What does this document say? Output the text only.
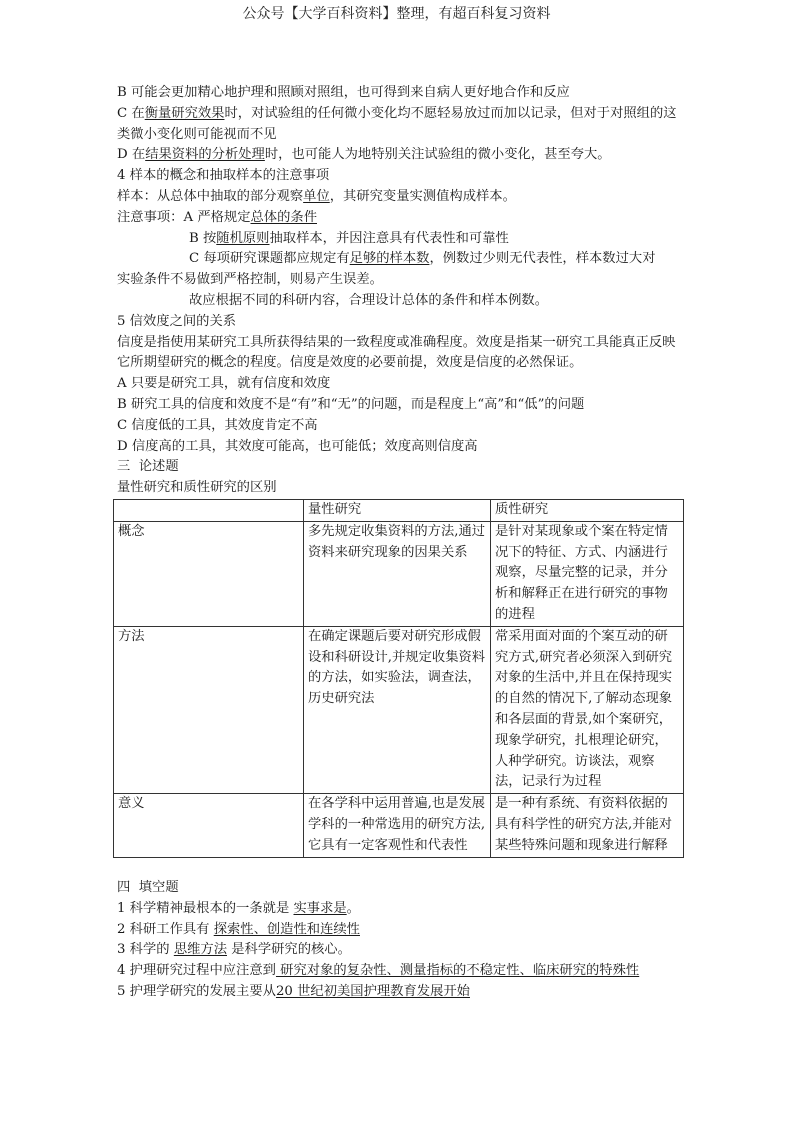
公众号【大学百科资料】整理，有超百科复习资料
B 可能会更加精心地护理和照顾对照组，也可得到来自病人更好地合作和反应
C 在衡量研究效果时，对试验组的任何微小变化均不愿轻易放过而加以记录，但对于对照组的这类微小变化则可能视而不见
D 在结果资料的分析处理时，也可能人为地特别关注试验组的微小变化，甚至夸大。
4 样本的概念和抽取样本的注意事项
样本：从总体中抽取的部分观察单位，其研究变量实测值构成样本。
注意事项：A 严格规定总体的条件
B 按随机原则抽取样本，并因注意具有代表性和可靠性
C 每项研究课题都应规定有足够的样本数，例数过少则无代表性，样本数过大对
实验条件不易做到严格控制，则易产生误差。
故应根据不同的科研内容，合理设计总体的条件和样本例数。
5 信效度之间的关系
信度是指使用某研究工具所获得结果的一致程度或准确程度。效度是指某一研究工具能真正反映它所期望研究的概念的程度。信度是效度的必要前提，效度是信度的必然保证。
A 只要是研究工具，就有信度和效度
B 研究工具的信度和效度不是“有”和“无”的问题，而是程度上“高”和“低”的问题
C 信度低的工具，其效度肯定不高
D 信度高的工具，其效度可能高，也可能低；效度高则信度高
三  论述题
量性研究和质性研究的区别
	量性研究	质性研究
概念	多先规定收集资料的方法,通过资料来研究现象的因果关系	是针对某现象或个案在特定情况下的特征、方式、内涵进行观察，尽量完整的记录，并分析和解释正在进行研究的事物的进程
方法	在确定课题后要对研究形成假设和科研设计,并规定收集资料的方法，如实验法，调查法，历史研究法	常采用面对面的个案互动的研究方式,研究者必须深入到研究对象的生活中,并且在保持现实的自然的情况下,了解动态现象和各层面的背景,如个案研究，现象学研究，扎根理论研究，人种学研究。访谈法，观察法，记录行为过程
意义	在各学科中运用普遍,也是发展学科的一种常选用的研究方法,它具有一定客观性和代表性	是一种有系统、有资料依据的具有科学性的研究方法,并能对某些特殊问题和现象进行解释
四  填空题
1 科学精神最根本的一条就是 实事求是。
2 科研工作具有 探索性、创造性和连续性
3 科学的 思维方法 是科学研究的核心。
4 护理研究过程中应注意到 研究对象的复杂性、测量指标的不稳定性、临床研究的特殊性
5 护理学研究的发展主要从20 世纪初美国护理教育发展开始
